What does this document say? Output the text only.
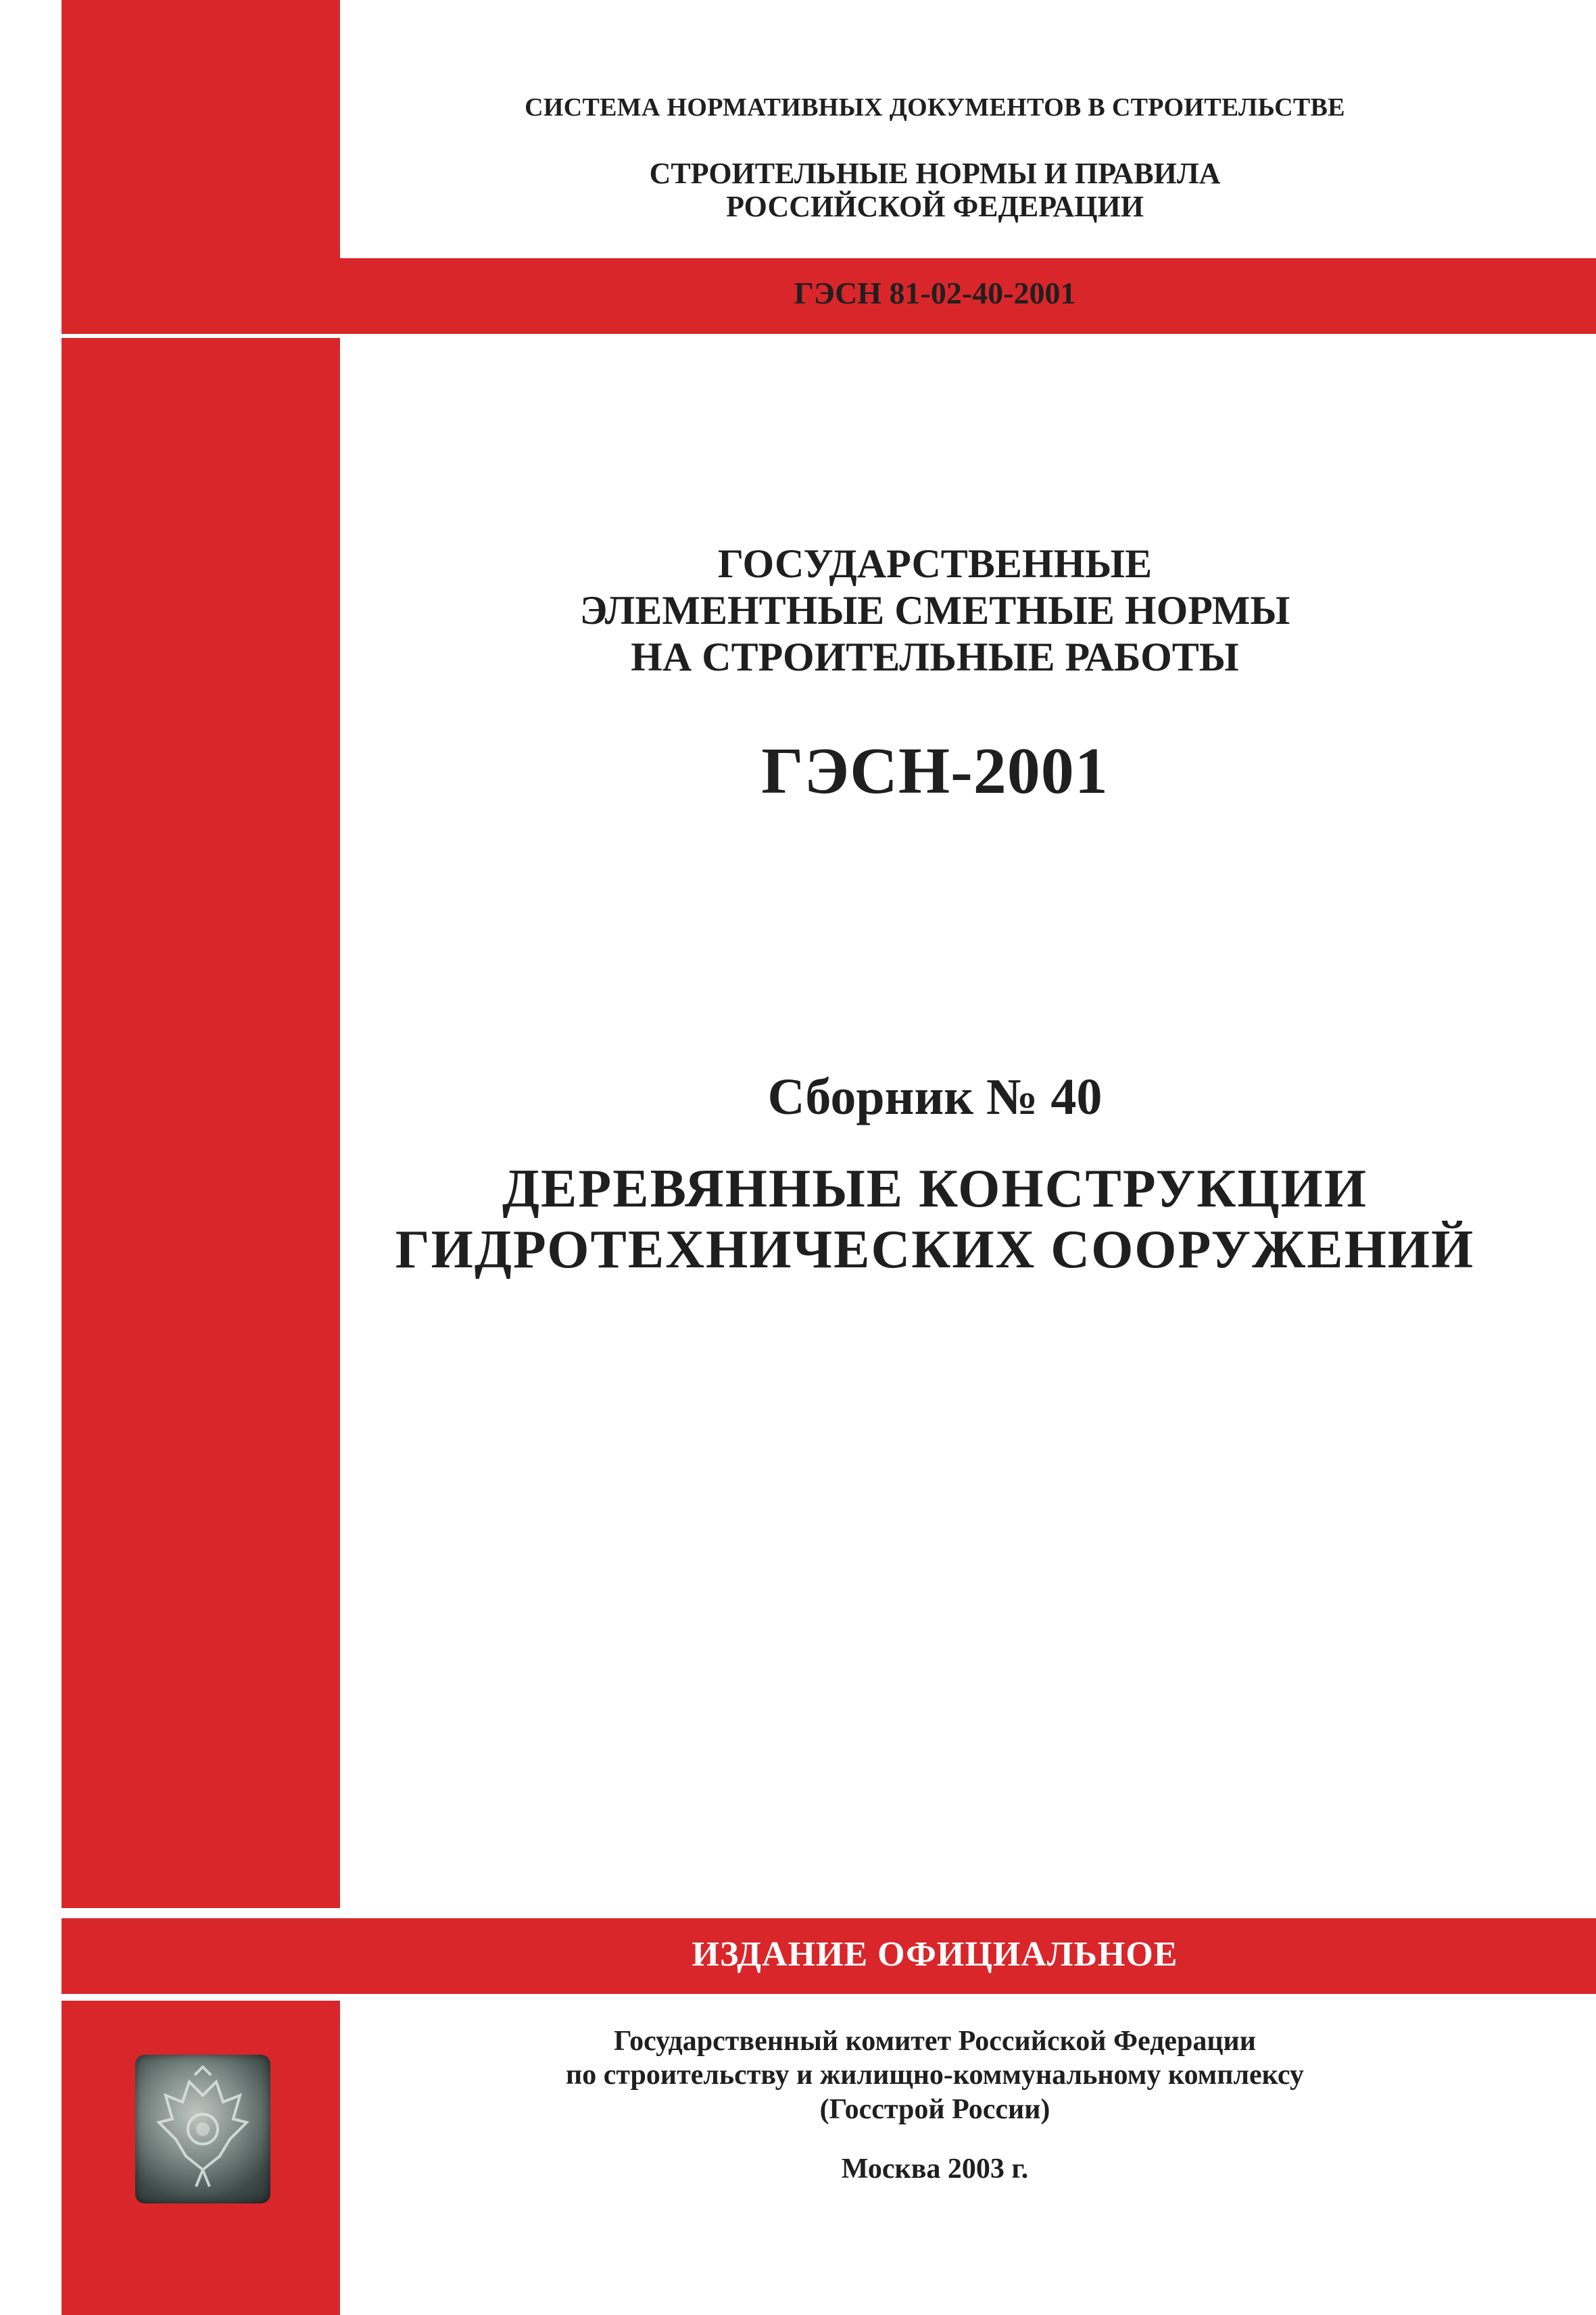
СИСТЕМА НОРМАТИВНЫХ ДОКУМЕНТОВ В СТРОИТЕЛЬСТВЕ

СТРОИТЕЛЬНЫЕ НОРМЫ И ПРАВИЛА
РОССИЙСКОЙ ФЕДЕРАЦИИ

ГЭСН 81-02-40-2001

ГОСУДАРСТВЕННЫЕ
ЭЛЕМЕНТНЫЕ СМЕТНЫЕ НОРМЫ
НА СТРОИТЕЛЬНЫЕ РАБОТЫ

ГЭСН-2001

Сборник № 40

ДЕРЕВЯННЫЕ КОНСТРУКЦИИ
ГИДРОТЕХНИЧЕСКИХ СООРУЖЕНИЙ

ИЗДАНИЕ ОФИЦИАЛЬНОЕ

Государственный комитет Российской Федерации
по строительству и жилищно-коммунальному комплексу
(Госстрой России)

Москва 2003 г.
